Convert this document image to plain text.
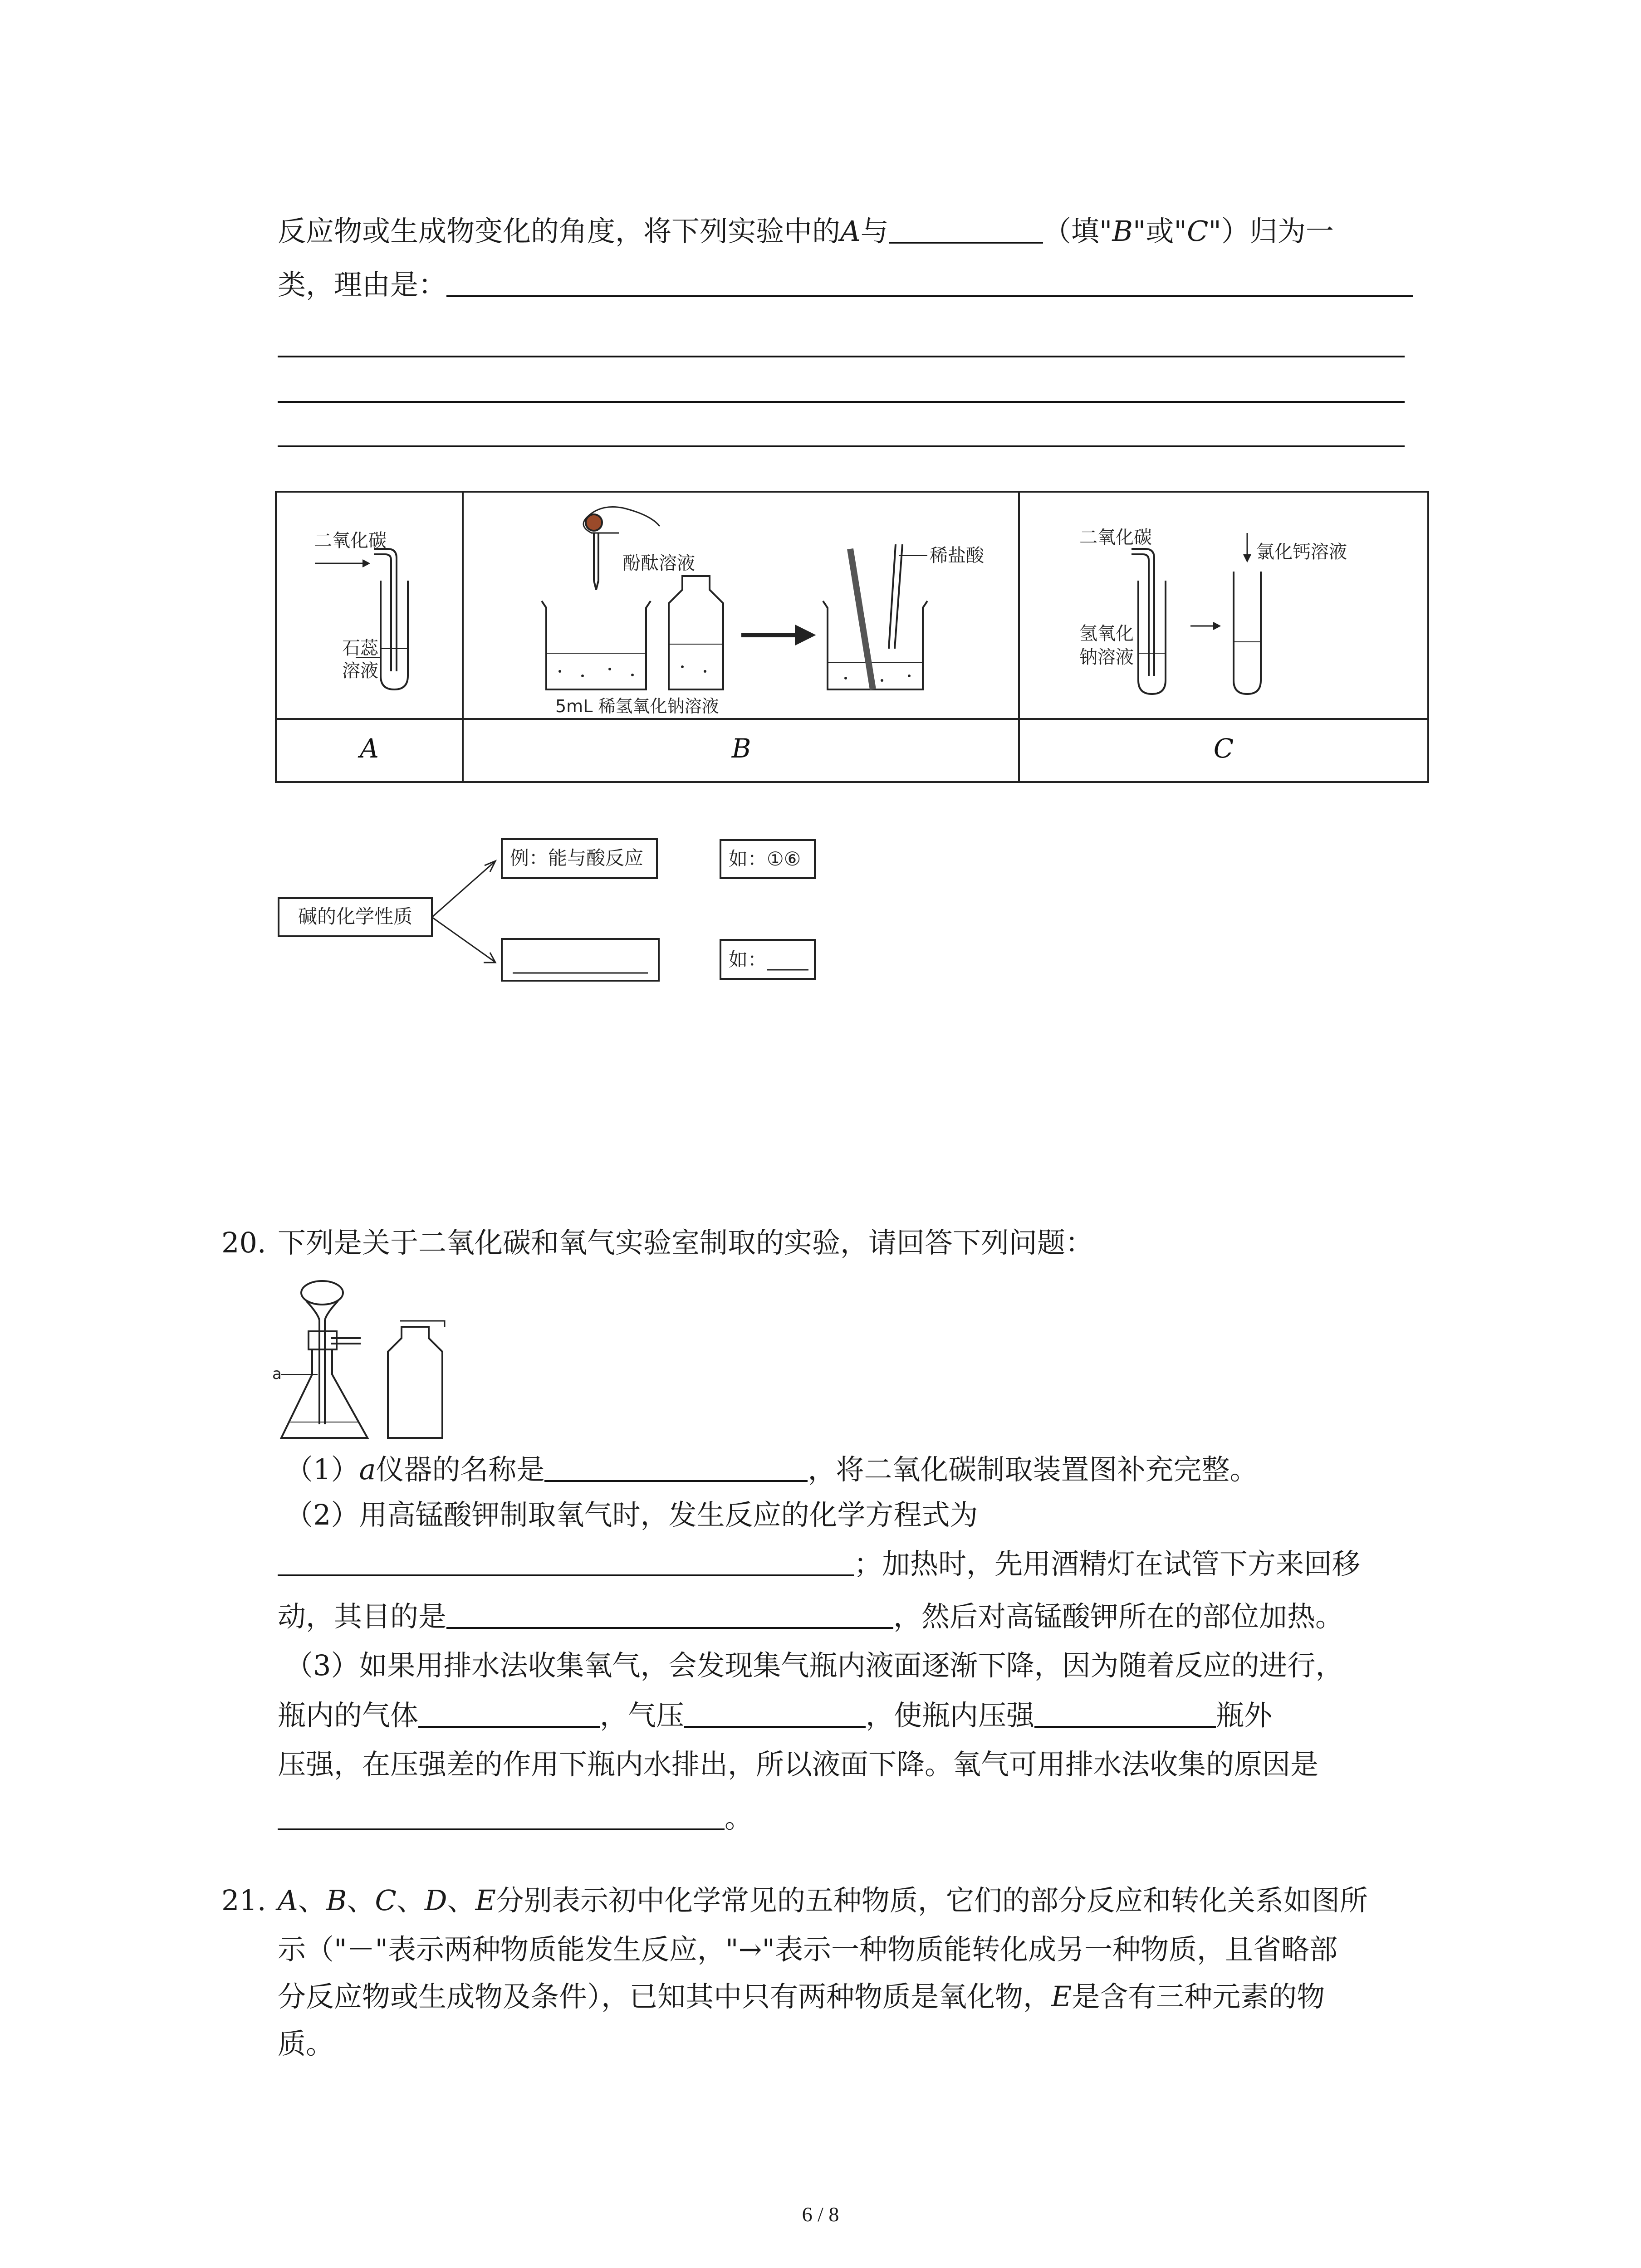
反应物或生成物变化的角度，将下列实验中的A与	（填"B"或"C"）归为一
类，理由是：
二氧化碳
石蕊
溶液
酚酞溶液	稀盐酸
5mL 稀氢氧化钠溶液
二氧化碳
氯化钙溶液
氢氧化
钠溶液
A	B	C
碱的化学性质
例：能与酸反应	如：①⑥
如：
20. 下列是关于二氧化碳和氧气实验室制取的实验，请回答下列问题：
a
（1）a仪器的名称是	，将二氧化碳制取装置图补充完整。
（2）用高锰酸钾制取氧气时，发生反应的化学方程式为
；加热时，先用酒精灯在试管下方来回移
动，其目的是	，然后对高锰酸钾所在的部位加热。
（3）如果用排水法收集氧气，会发现集气瓶内液面逐渐下降，因为随着反应的进行，
瓶内的气体	，气压	，使瓶内压强	瓶外
压强，在压强差的作用下瓶内水排出，所以液面下降。氧气可用排水法收集的原因是
。
21. A、B、C、D、E分别表示初中化学常见的五种物质，它们的部分反应和转化关系如图所
示（"－"表示两种物质能发生反应，"→"表示一种物质能转化成另一种物质，且省略部
分反应物或生成物及条件），已知其中只有两种物质是氧化物，E是含有三种元素的物
质。
6 / 8
